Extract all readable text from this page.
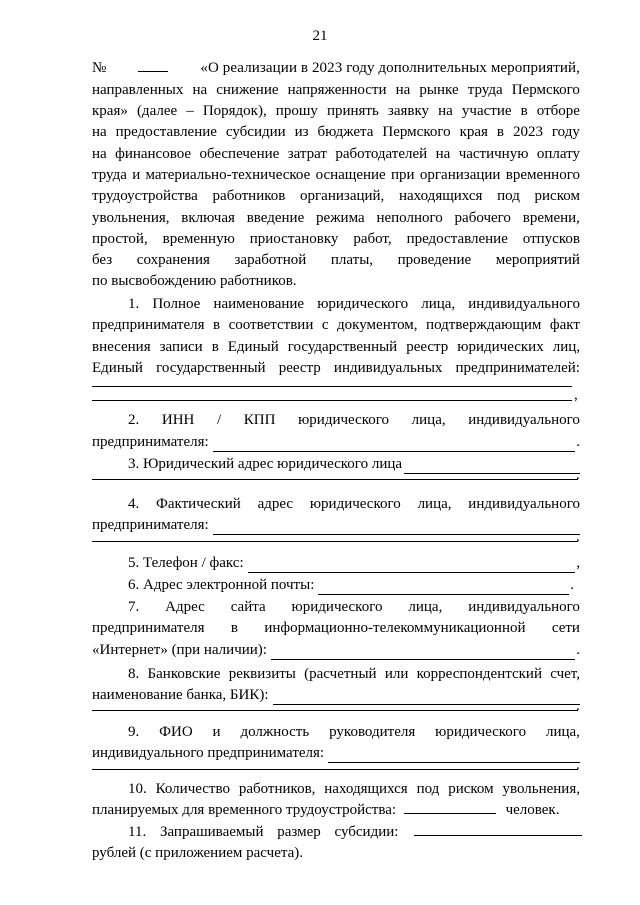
21
№	«О реализации в 2023 году дополнительных мероприятий,
направленных на снижение напряженности на рынке труда Пермского
края» (далее – Порядок), прошу принять заявку на участие в отборе
на предоставление субсидии из бюджета Пермского края в 2023 году
на финансовое обеспечение затрат работодателей на частичную оплату
труда и материально-техническое оснащение при организации временного
трудоустройства работников организаций, находящихся под риском
увольнения, включая введение режима неполного рабочего времени,
простой, временную приостановку работ, предоставление отпусков
без сохранения заработной платы, проведение мероприятий
по высвобождению работников.
1. Полное наименование юридического лица, индивидуального
предпринимателя в соответствии с документом, подтверждающим факт
внесения записи в Единый государственный реестр юридических лиц,
Единый государственный реестр индивидуальных предпринимателей:
,
2. ИНН / КПП юридического лица, индивидуального
предпринимателя:	.
3. Юридический адрес юридического лица
.
4. Фактический адрес юридического лица, индивидуального
предпринимателя:
.
5. Телефон / факс:	,
6. Адрес электронной почты:	.
7. Адрес сайта юридического лица, индивидуального
предпринимателя в информационно-телекоммуникационной сети
«Интернет» (при наличии):	.
8. Банковские реквизиты (расчетный или корреспондентский счет,
наименование банка, БИК):
.
9. ФИО и должность руководителя юридического лица,
индивидуального предпринимателя:
.
10. Количество работников, находящихся под риском увольнения,
планируемых для временного трудоустройства:	человек.
11. Запрашиваемый размер субсидии:
рублей (с приложением расчета).
